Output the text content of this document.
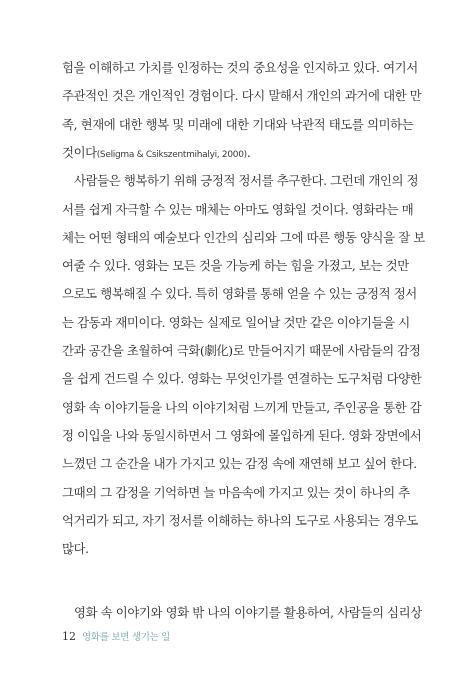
험을 이해하고 가치를 인정하는 것의 중요성을 인지하고 있다. 여기서
주관적인 것은 개인적인 경험이다. 다시 말해서 개인의 과거에 대한 만
족, 현재에 대한 행복 및 미래에 대한 기대와 낙관적 태도를 의미하는
것이다(Seligma & Csikszentmihalyi, 2000).
사람들은 행복하기 위해 긍정적 정서를 추구한다. 그런데 개인의 정
서를 쉽게 자극할 수 있는 매체는 아마도 영화일 것이다. 영화라는 매
체는 어떤 형태의 예술보다 인간의 심리와 그에 따른 행동 양식을 잘 보
여줄 수 있다. 영화는 모든 것을 가능케 하는 힘을 가졌고, 보는 것만
으로도 행복해질 수 있다. 특히 영화를 통해 얻을 수 있는 긍정적 정서
는 감동과 재미이다. 영화는 실제로 일어날 것만 같은 이야기들을 시
간과 공간을 초월하여 극화(劇化)로 만들어지기 때문에 사람들의 감정
을 쉽게 건드릴 수 있다. 영화는 무엇인가를 연결하는 도구처럼 다양한
영화 속 이야기들을 나의 이야기처럼 느끼게 만들고, 주인공을 통한 감
정 이입을 나와 동일시하면서 그 영화에 몰입하게 된다. 영화 장면에서
느꼈던 그 순간을 내가 가지고 있는 감정 속에 재연해 보고 싶어 한다.
그때의 그 감정을 기억하면 늘 마음속에 가지고 있는 것이 하나의 추
억거리가 되고, 자기 정서를 이해하는 하나의 도구로 사용되는 경우도
많다.
12 영화를 보면 생기는 일
영화 속 이야기와 영화 밖 나의 이야기를 활용하여, 사람들의 심리상
